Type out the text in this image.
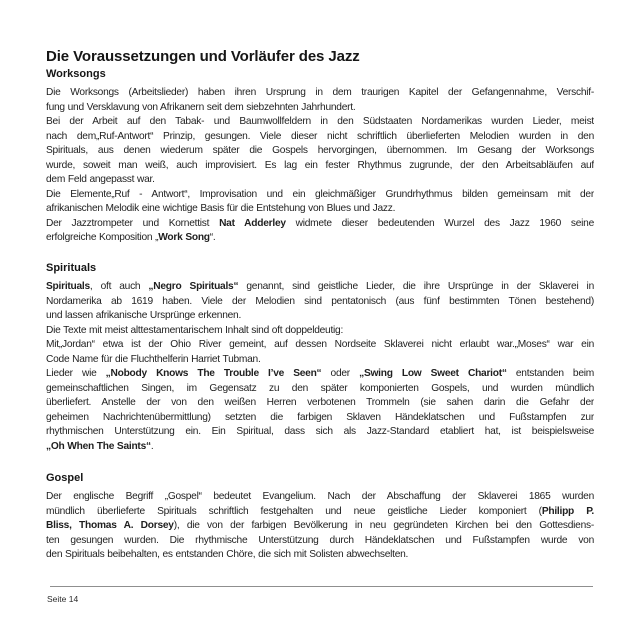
Die Voraussetzungen und Vorläufer des Jazz
Worksongs
Die Worksongs (Arbeitslieder) haben ihren Ursprung in dem traurigen Kapitel der Gefangennahme, Verschif-
fung und Versklavung von Afrikanern seit dem siebzehnten Jahrhundert.
Bei der Arbeit auf den Tabak- und Baumwollfeldern in den Südstaaten Nordamerikas wurden Lieder, meist
nach dem„Ruf-Antwort“ Prinzip, gesungen. Viele dieser nicht schriftlich überlieferten Melodien wurden in den
Spirituals, aus denen wiederum später die Gospels hervorgingen, übernommen. Im Gesang der Worksongs
wurde, soweit man weiß, auch improvisiert. Es lag ein fester Rhythmus zugrunde, der den Arbeitsabläufen auf
dem Feld angepasst war.
Die Elemente„Ruf - Antwort“, Improvisation und ein gleichmäßiger Grundrhythmus bilden gemeinsam mit der
afrikanischen Melodik eine wichtige Basis für die Entstehung von Blues und Jazz.
Der Jazztrompeter und Kornettist Nat Adderley widmete dieser bedeutenden Wurzel des Jazz 1960 seine
erfolgreiche Komposition „Work Song“.
Spirituals
Spirituals, oft auch „Negro Spirituals“ genannt, sind geistliche Lieder, die ihre Ursprünge in der Sklaverei in
Nordamerika ab 1619 haben. Viele der Melodien sind pentatonisch (aus fünf bestimmten Tönen bestehend)
und lassen afrikanische Ursprünge erkennen.
Die Texte mit meist alttestamentarischem Inhalt sind oft doppeldeutig:
Mit„Jordan“ etwa ist der Ohio River gemeint, auf dessen Nordseite Sklaverei nicht erlaubt war.„Moses“ war ein
Code Name für die Fluchthelferin Harriet Tubman.
Lieder wie „Nobody Knows The Trouble I’ve Seen“ oder „Swing Low Sweet Chariot“ entstanden beim
gemeinschaftlichen Singen, im Gegensatz zu den später komponierten Gospels, und wurden mündlich
überliefert. Anstelle der von den weißen Herren verbotenen Trommeln (sie sahen darin die Gefahr der
geheimen Nachrichtenübermittlung) setzten die farbigen Sklaven Händeklatschen und Fußstampfen zur
rhythmischen Unterstützung ein. Ein Spiritual, dass sich als Jazz-Standard etabliert hat, ist beispielsweise
„Oh When The Saints“.
Gospel
Der englische Begriff „Gospel“ bedeutet Evangelium. Nach der Abschaffung der Sklaverei 1865 wurden
mündlich überlieferte Spirituals schriftlich festgehalten und neue geistliche Lieder komponiert (Philipp P.
Bliss, Thomas A. Dorsey), die von der farbigen Bevölkerung in neu gegründeten Kirchen bei den Gottesdiens-
ten gesungen wurden. Die rhythmische Unterstützung durch Händeklatschen und Fußstampfen wurde von
den Spirituals beibehalten, es entstanden Chöre, die sich mit Solisten abwechselten.
Seite 14
